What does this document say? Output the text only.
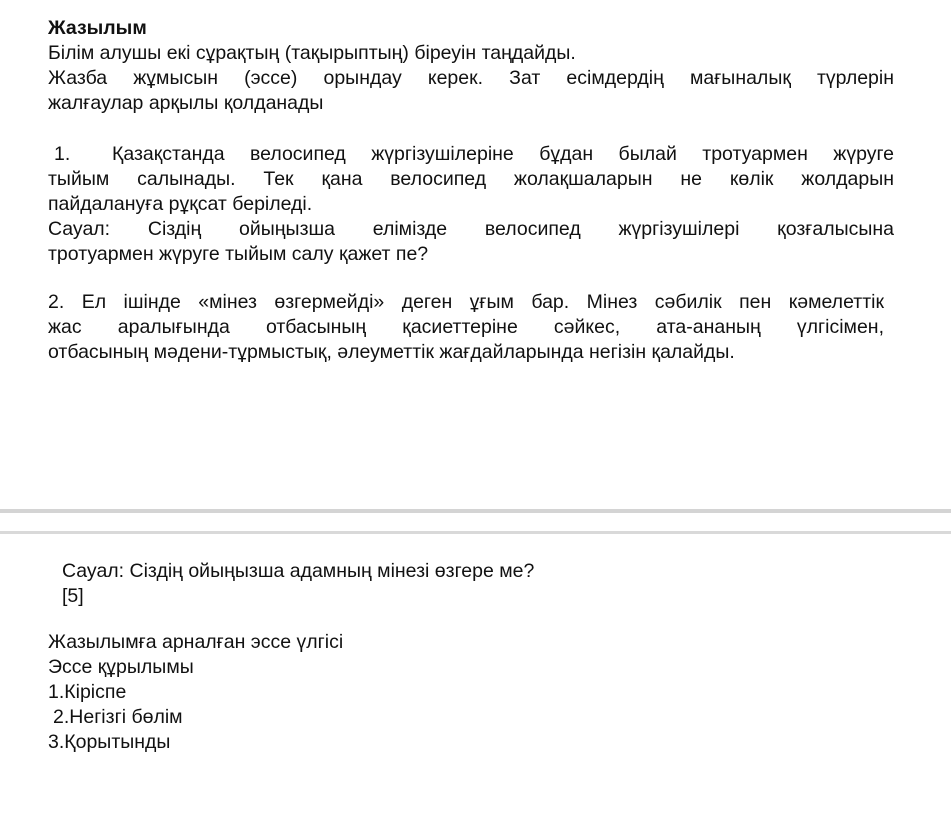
Жазылым
Білім алушы екі сұрақтың (тақырыптың) біреуін таңдайды.
Жазба жұмысын (эссе) орындау керек. Зат есімдердің мағыналық түрлерін
жалғаулар арқылы қолданады
1. Қазақстанда велосипед жүргізушілеріне бұдан былай тротуармен жүруге
тыйым салынады. Тек қана велосипед жолақшаларын не көлік жолдарын
пайдалануға рұқсат беріледі.
Сауал: Сіздің ойыңызша елімізде велосипед жүргізушілері қозғалысына
тротуармен жүруге тыйым салу қажет пе?
2. Ел ішінде «мінез өзгермейді» деген ұғым бар. Мінез сәбилік пен кәмелеттік
жас аралығында отбасының қасиеттеріне сәйкес, ата-ананың үлгісімен,
отбасының мәдени-тұрмыстық, әлеуметтік жағдайларында негізін қалайды.
Сауал: Сіздің ойыңызша адамның мінезі өзгере ме?
[5]
Жазылымға арналған эссе үлгісі
Эссе құрылымы
1.Кіріспе
2.Негізгі бөлім
3.Қорытынды
